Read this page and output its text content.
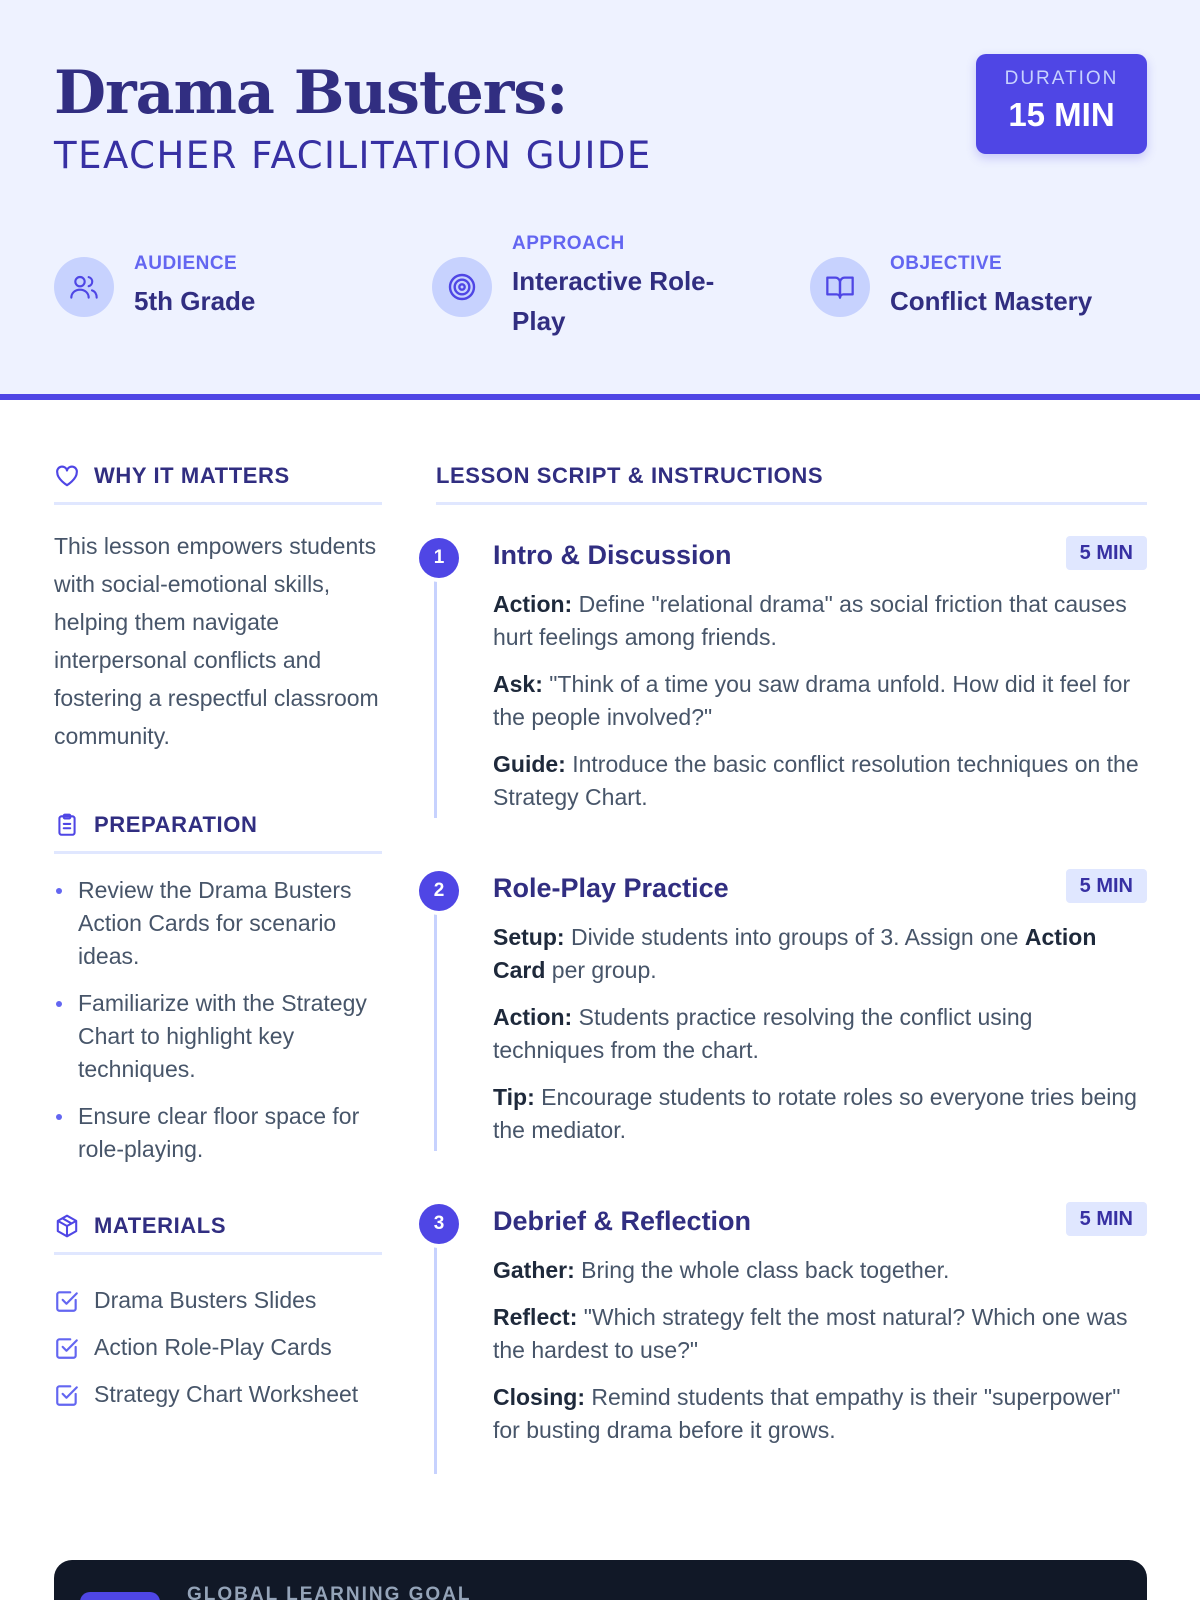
Drama Busters:
TEACHER FACILITATION GUIDE
DURATION
15 MIN
AUDIENCE
5th Grade
APPROACH
Interactive Role-Play
OBJECTIVE
Conflict Mastery
WHY IT MATTERS

This lesson empowers students with social-emotional skills, helping them navigate interpersonal conflicts and fostering a respectful classroom community.

PREPARATION
Review the Drama Busters Action Cards for scenario ideas.
Familiarize with the Strategy Chart to highlight key techniques.
Ensure clear floor space for role-playing.
MATERIALS
Drama Busters Slides
Action Role-Play Cards
Strategy Chart Worksheet
LESSON SCRIPT & INSTRUCTIONS
1	Intro & Discussion	5 MIN

Action: Define "relational drama" as social friction that causes hurt feelings among friends.

Ask: "Think of a time you saw drama unfold. How did it feel for the people involved?"

Guide: Introduce the basic conflict resolution techniques on the Strategy Chart.

2	Role-Play Practice	5 MIN

Setup: Divide students into groups of 3. Assign one Action Card per group.

Action: Students practice resolving the conflict using techniques from the chart.

Tip: Encourage students to rotate roles so everyone tries being the mediator.

3	Debrief & Reflection	5 MIN

Gather: Bring the whole class back together.

Reflect: "Which strategy felt the most natural? Which one was the hardest to use?"

Closing: Remind students that empathy is their "superpower" for busting drama before it grows.

GLOBAL LEARNING GOAL
